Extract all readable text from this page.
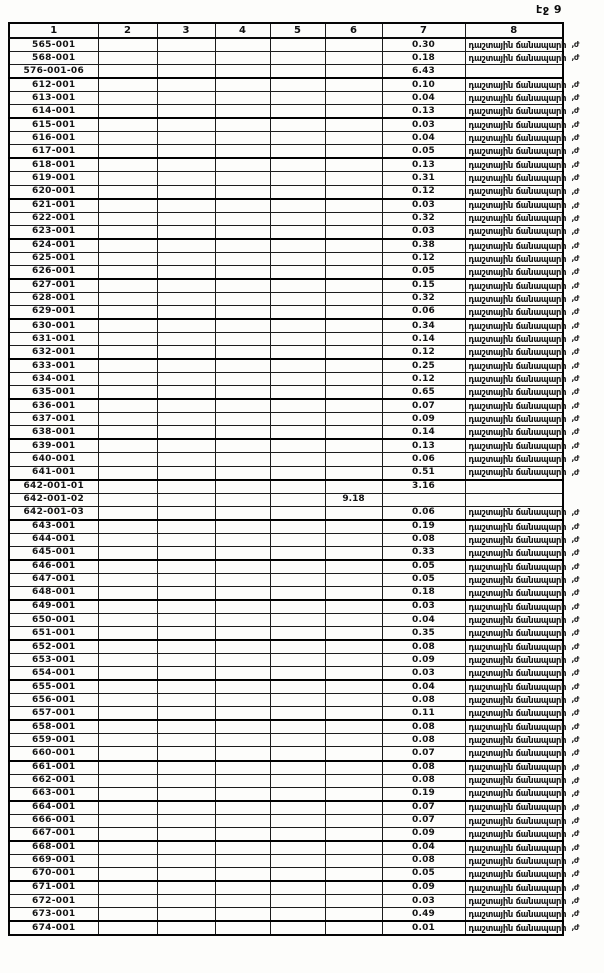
էջ 9
1	2	3	4	5	6	7	8
565-001						0.30	դաշտային ճանապարհ ,ժ

568-001						0.18	դաշտային ճանապարհ ,ժ

576-001-06						6.43	

612-001						0.10	դաշտային ճանապարհ ,ժ

613-001						0.04	դաշտային ճանապարհ ,ժ

614-001						0.13	դաշտային ճանապարհ ,ժ

615-001						0.03	դաշտային ճանապարհ ,ժ

616-001						0.04	դաշտային ճանապարհ ,ժ

617-001						0.05	դաշտային ճանապարհ ,ժ

618-001						0.13	դաշտային ճանապարհ ,ժ

619-001						0.31	դաշտային ճանապարհ ,ժ

620-001						0.12	դաշտային ճանապարհ ,ժ

621-001						0.03	դաշտային ճանապարհ ,ժ

622-001						0.32	դաշտային ճանապարհ ,ժ

623-001						0.03	դաշտային ճանապարհ ,ժ

624-001						0.38	դաշտային ճանապարհ ,ժ

625-001						0.12	դաշտային ճանապարհ ,ժ

626-001						0.05	դաշտային ճանապարհ ,ժ

627-001						0.15	դաշտային ճանապարհ ,ժ

628-001						0.32	դաշտային ճանապարհ ,ժ

629-001						0.06	դաշտային ճանապարհ ,ժ

630-001						0.34	դաշտային ճանապարհ ,ժ

631-001						0.14	դաշտային ճանապարհ ,ժ

632-001						0.12	դաշտային ճանապարհ ,ժ

633-001						0.25	դաշտային ճանապարհ ,ժ

634-001						0.12	դաշտային ճանապարհ ,ժ

635-001						0.65	դաշտային ճանապարհ ,ժ

636-001						0.07	դաշտային ճանապարհ ,ժ

637-001						0.09	դաշտային ճանապարհ ,ժ

638-001						0.14	դաշտային ճանապարհ ,ժ

639-001						0.13	դաշտային ճանապարհ ,ժ

640-001						0.06	դաշտային ճանապարհ ,ժ

641-001						0.51	դաշտային ճանապարհ ,ժ

642-001-01						3.16	

642-001-02					9.18		

642-001-03						0.06	դաշտային ճանապարհ ,ժ

643-001						0.19	դաշտային ճանապարհ ,ժ

644-001						0.08	դաշտային ճանապարհ ,ժ

645-001						0.33	դաշտային ճանապարհ ,ժ

646-001						0.05	դաշտային ճանապարհ ,ժ

647-001						0.05	դաշտային ճանապարհ ,ժ

648-001						0.18	դաշտային ճանապարհ ,ժ

649-001						0.03	դաշտային ճանապարհ ,ժ

650-001						0.04	դաշտային ճանապարհ ,ժ

651-001						0.35	դաշտային ճանապարհ ,ժ

652-001						0.08	դաշտային ճանապարհ ,ժ

653-001						0.09	դաշտային ճանապարհ ,ժ

654-001						0.03	դաշտային ճանապարհ ,ժ

655-001						0.04	դաշտային ճանապարհ ,ժ

656-001						0.08	դաշտային ճանապարհ ,ժ

657-001						0.11	դաշտային ճանապարհ ,ժ

658-001						0.08	դաշտային ճանապարհ ,ժ

659-001						0.08	դաշտային ճանապարհ ,ժ

660-001						0.07	դաշտային ճանապարհ ,ժ

661-001						0.08	դաշտային ճանապարհ ,ժ

662-001						0.08	դաշտային ճանապարհ ,ժ

663-001						0.19	դաշտային ճանապարհ ,ժ

664-001						0.07	դաշտային ճանապարհ ,ժ

666-001						0.07	դաշտային ճանապարհ ,ժ

667-001						0.09	դաշտային ճանապարհ ,ժ

668-001						0.04	դաշտային ճանապարհ ,ժ

669-001						0.08	դաշտային ճանապարհ ,ժ

670-001						0.05	դաշտային ճանապարհ ,ժ

671-001						0.09	դաշտային ճանապարհ ,ժ

672-001						0.03	դաշտային ճանապարհ ,ժ

673-001						0.49	դաշտային ճանապարհ ,ժ

674-001						0.01	դաշտային ճանապարհ ,ժ
